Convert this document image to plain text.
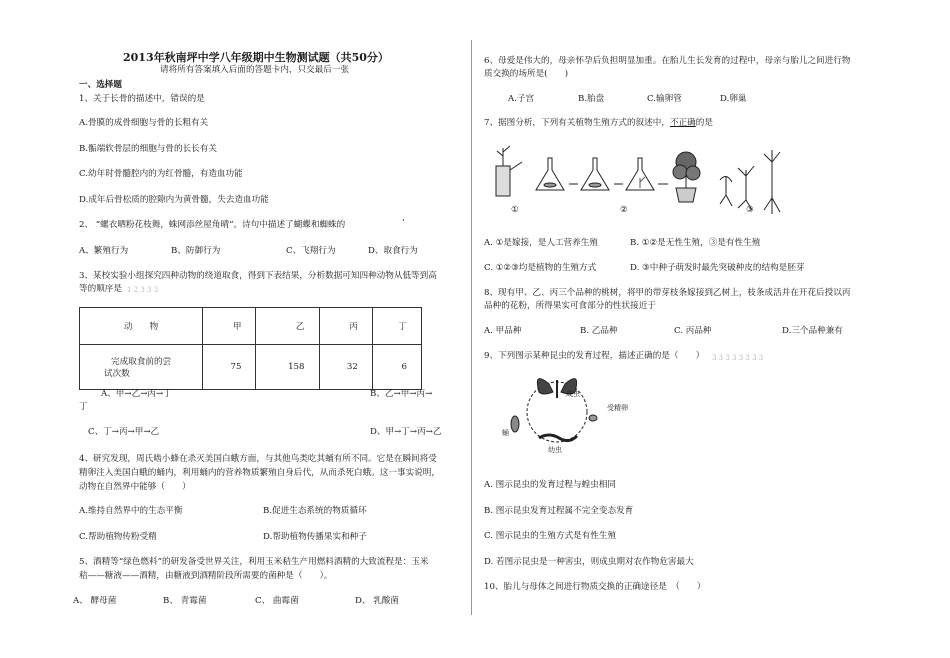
2013年秋南坪中学八年级期中生物测试题（共50分）
请将所有答案填入后面的答题卡内，只交最后一张
一、选择题
1、关于长骨的描述中，错误的是
A.骨膜的成骨细胞与骨的长粗有关
B.骺端软骨层的细胞与骨的长长有关
C.幼年时骨髓腔内的为红骨髓，有造血功能
D.成年后骨松质的腔隙内为黄骨髓，失去造血功能
2、 “螺衣晒粉花枝舞，蛛网添丝屋角晴”。诗句中描述了蝴蝶和蜘蛛的	’
A、繁殖行为	B、防御行为	C、飞翔行为	D、取食行为
3、某校实验小组探究四种动物的绕道取食，得到下表结果，分析数据可知四种动物从低等到高
等的顺序是 1 2 3 3 3
动　　物	甲	乙	丙	丁

完成取食前的尝
试次数	75	158	32	6
A、甲→乙→丙→丁	B、乙→甲→丙→
丁
C、丁→丙→甲→乙	D、甲→丁→丙→乙
4、研究发现，周氏啮小蜂在杀灭美国白蛾方面，与其他鸟类吃其蛹有所不同。它是在瞬间将受
精卵注入美国白蛾的蛹内，利用蛹内的营养物质繁殖自身后代，从而杀死白蛾。这一事实说明，
动物在自然界中能够（　　）
A.维持自然界中的生态平衡	B.促进生态系统的物质循环
C.帮助植物传粉受精	D.帮助植物传播果实和种子
5、酒精等“绿色燃料”的研发备受世界关注，利用玉米秸生产用燃料酒精的大致流程是：玉米
秸——糖液——酒精，由糖液到酒精阶段所需要的菌种是（　　）。
A、 酵母菌	B、 青霉菌	C、 曲霉菌	D、 乳酸菌
6、母爱是伟大的，母亲怀孕后负担明显加重。在胎儿生长发育的过程中，母亲与胎儿之间进行物
质交换的场所是(　　)
A.子宫	B.胎盘	C.输卵管	D.卵巢
7、据图分析，下列有关植物生殖方式的叙述中，不正确的是
①	②	③
A. ①是嫁接，是人工营养生殖	B. ①②是无性生殖，③是有性生殖
C. ①②③均是植物的生殖方式	D. ③中种子萌发时最先突破种皮的结构是胚芽
8、现有甲、乙、丙三个品种的桃树，将甲的带芽枝条嫁接到乙树上，枝条成活并在开花后授以丙
品种的花粉，所得果实可食部分的性状接近于
A. 甲品种	B. 乙品种	C. 丙品种	D.三个品种兼有
9、下列图示某种昆虫的发育过程，描述正确的是（　　） 3 3 3 3 3 3 3 3
成虫
受精卵
蛹
幼虫
A. 图示昆虫的发育过程与蝗虫相同
B. 图示昆虫发育过程属不完全变态发育
C. 图示昆虫的生殖方式是有性生殖
D. 若图示昆虫是一种害虫，则成虫期对农作物危害最大
10、胎儿与母体之间进行物质交换的正确途径是　（　　）
